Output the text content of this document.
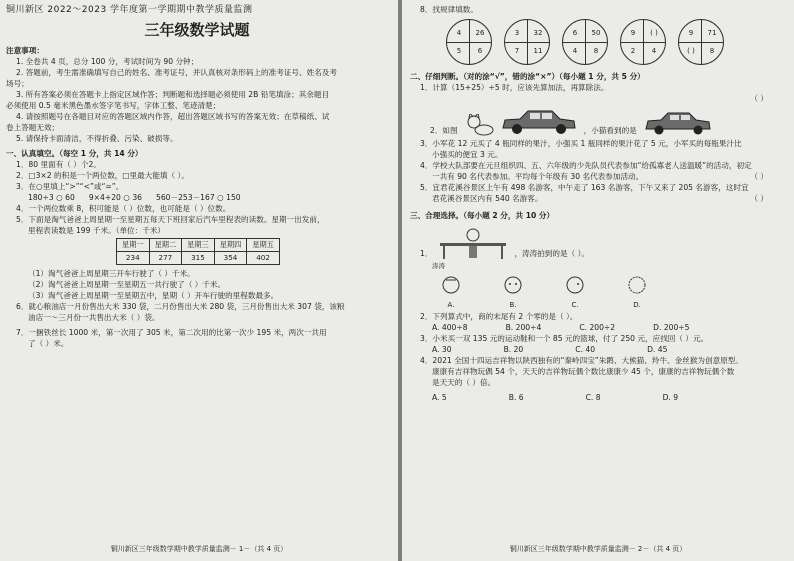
铜川新区 2022～2023 学年度第一学期期中教学质量监测
三年级数学试题
注意事项：
1. 全卷共 4 页，总分 100 分，考试时间为 90 分钟；
2. 答题前，考生需准确填写自己的姓名、准考证号，并认真核对条形码上的准考证号、姓名及考
场号；
3. 所有答案必须在答题卡上指定区域作答；判断题和选择题必须使用 2B 铅笔填涂；其余题目
必须使用 0.5 毫米黑色墨水签字笔书写，字体工整、笔迹清楚；
4. 请按照题号在各题目对应的答题区域内作答，超出答题区域书写的答案无效；在草稿纸、试
卷上答题无效；
5. 请保持卡面清洁，不得折叠、污染、破损等。
一、认真填空。（每空 1 分，共 14 分）
1．80 里面有（ ）个2。
2．□3×2 的积是一个两位数，□里最大能填（ ）。
3．在○里填上“>”“<”或“=”。
180÷3 ○ 60 9×4+20 ○ 36 560－253－167 ○ 150
4．一个两位数乘 8，积可能是（ ）位数，也可能是（ ）位数。
5．下面是淘气爸爸上周星期一至星期五每天下班回家后汽车里程表的读数。星期一出发前，
里程表读数是 199 千米。（单位：千米）
星期一	星期二	星期三	星期四	星期五
234	277	315	354	402
（1）淘气爸爸上周星期三开车行驶了（ ）千米。
（2）淘气爸爸上周星期一至星期五一共行驶了（ ）千米。
（3）淘气爸爸上周星期一至星期五中，星期（ ）开车行驶的里程数最多。
6．就心粮油店一月份售出大米 330 袋，二月份售出大米 280 袋，三月份售出大米 307 袋，该粮
油店一～三月份一共售出大米（ ）袋。
7．一捆铁丝长 1000 米，第一次用了 305 米，第二次用的比第一次少 195 米，两次一共用
了（ ）米。
铜川新区三年级数学期中教学质量监测－ 1－（共 4 页）
8．找规律填数。
4	26
5	6
3	32
7	11
6	50
4	8
9	( )
2	4
9	71
( )	8
二、仔细判断。（对的涂“√”，错的涂“×”）（每小题 1 分，共 5 分）
1．计算（15+25）÷5 时，应该先算加法，再算除法。
（ ）
2．如图	，小猫看到的是
3．小军花 12 元买了 4 瓶同样的果汁，小强买 1 瓶同样的果汁花了 5 元，小军买的每瓶果汁比
小强买的便宜 3 元。
4．学校大队部要在元旦组织四、五、六年级的少先队员代表参加“给孤寡老人送温暖”的活动，初定
一共有 90 名代表参加。平均每个年级有 30 名代表参加活动。	（ ）
5．宜君花溪谷景区上午有 498 名游客，中午走了 163 名游客，下午又来了 205 名游客，这时宜
君花溪谷景区内有 540 名游客。	（ ）
三、合理选择。（每小题 2 分，共 10 分）
1．	，涛涛拍到的是（ ）。
涛涛

A.	B.	C.	D.
2．下列算式中，商的末尾有 2 个零的是（ ）。
A. 400÷8	B. 200÷4	C. 200÷2	D. 200÷5
3．小米买一双 135 元的运动鞋和一个 85 元的篮球，付了 250 元，应找回（ ）元。
A. 30	B. 20	C. 40	D. 45
4．2021 全国十四运吉祥物以陕西独有的“秦岭四宝”朱鹮、大熊猫、羚牛、金丝猴为创意原型。
康康有吉祥物玩偶 54 个，天天的吉祥物玩偶个数比康康少 45 个，康康的吉祥物玩偶个数
是天天的（ ）倍。
A. 5	B. 6	C. 8	D. 9
铜川新区三年级数学期中教学质量监测－ 2－（共 4 页）
